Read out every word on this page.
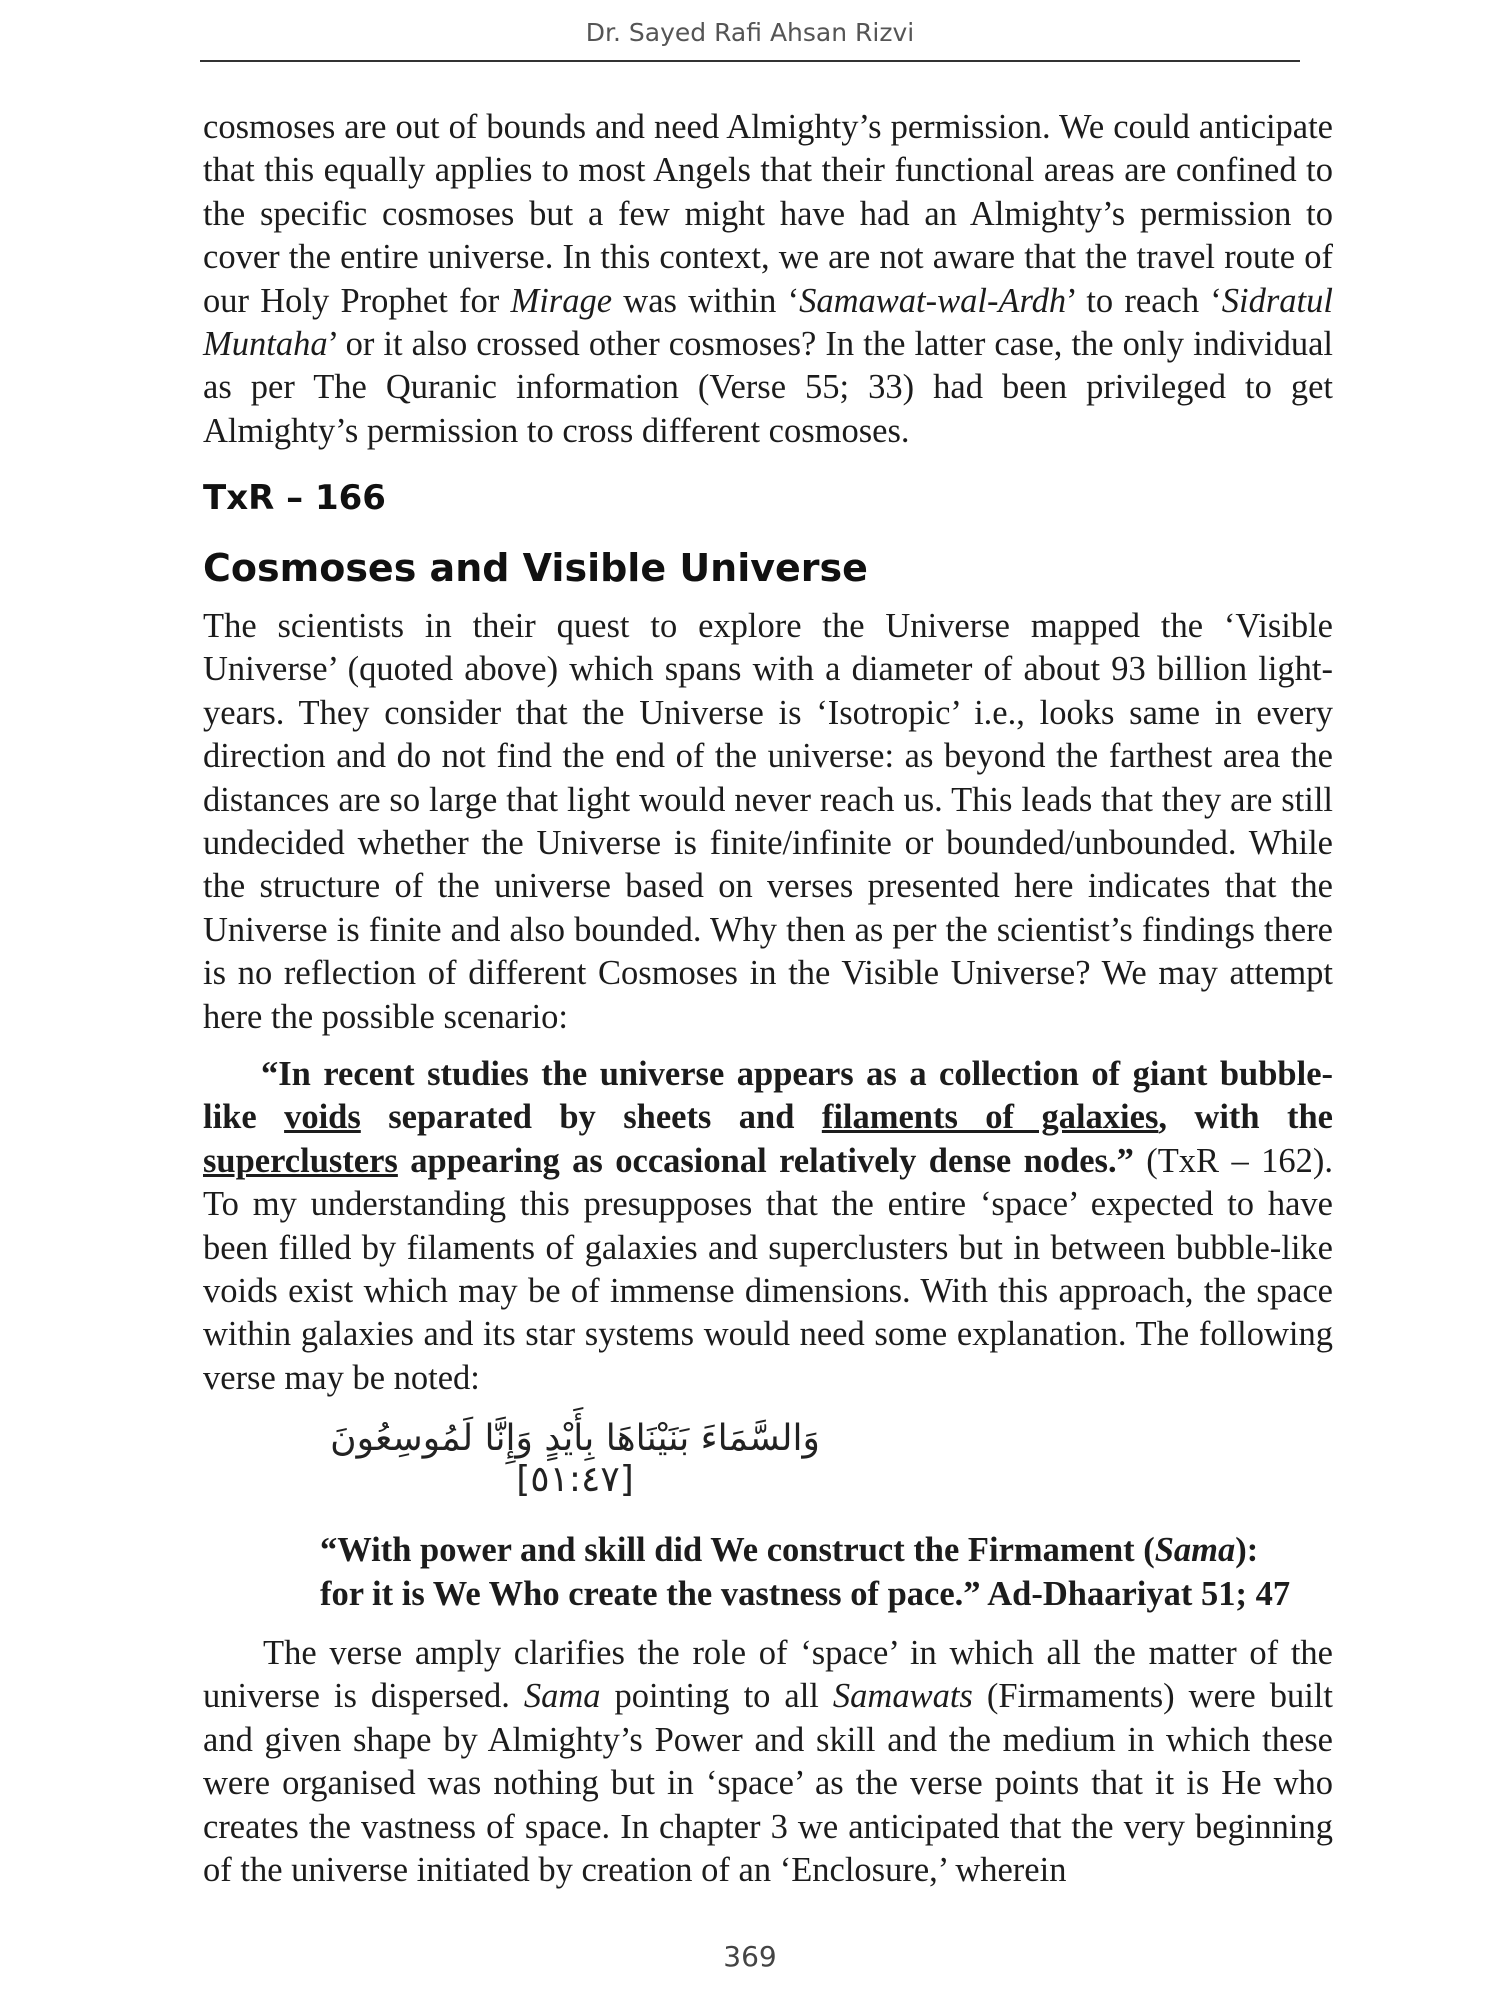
Dr. Sayed Rafi Ahsan Rizvi

cosmoses are out of bounds and need Almighty’s permission. We could anticipate that this equally applies to most Angels that their functional areas are confined to the specific cosmoses but a few might have had an Almighty’s permission to cover the entire universe. In this context, we are not aware that the travel route of our Holy Prophet for Mirage was within ‘Samawat-wal-Ardh’ to reach ‘Sidratul Muntaha’ or it also crossed other cosmoses? In the latter case, the only individual as per The Quranic information (Verse 55; 33) had been privileged to get Almighty’s permission to cross different cosmoses.

TxR – 166
Cosmoses and Visible Universe

The scientists in their quest to explore the Universe mapped the ‘Visible Universe’ (quoted above) which spans with a diameter of about 93 billion light-years. They consider that the Universe is ‘Isotropic’ i.e., looks same in every direction and do not find the end of the universe: as beyond the farthest area the distances are so large that light would never reach us. This leads that they are still undecided whether the Universe is finite/infinite or bounded/unbounded. While the structure of the universe based on verses presented here indicates that the Universe is finite and also bounded. Why then as per the scientist’s findings there is no reflection of different Cosmoses in the Visible Universe? We may attempt here the possible scenario:

“In recent studies the universe appears as a collection of giant bubble-like voids separated by sheets and filaments of galaxies, with the superclusters appearing as occasional relatively dense nodes.” (TxR – 162). To my understanding this presupposes that the entire ‘space’ expected to have been filled by filaments of galaxies and superclusters but in between bubble-like voids exist which may be of immense dimensions. With this approach, the space within galaxies and its star systems would need some explanation. The following verse may be noted:

وَالسَّمَاءَ بَنَيْنَاهَا بِأَيْدٍ وَإِنَّا لَمُوسِعُونَ [٥١:٤٧]

“With power and skill did We construct the Firmament (Sama): for it is We Who create the vastness of pace.” Ad-Dhaariyat 51; 47

The verse amply clarifies the role of ‘space’ in which all the matter of the universe is dispersed. Sama pointing to all Samawats (Firmaments) were built and given shape by Almighty’s Power and skill and the medium in which these were organised was nothing but in ‘space’ as the verse points that it is He who creates the vastness of space. In chapter 3 we anticipated that the very beginning of the universe initiated by creation of an ‘Enclosure,’ wherein

369
